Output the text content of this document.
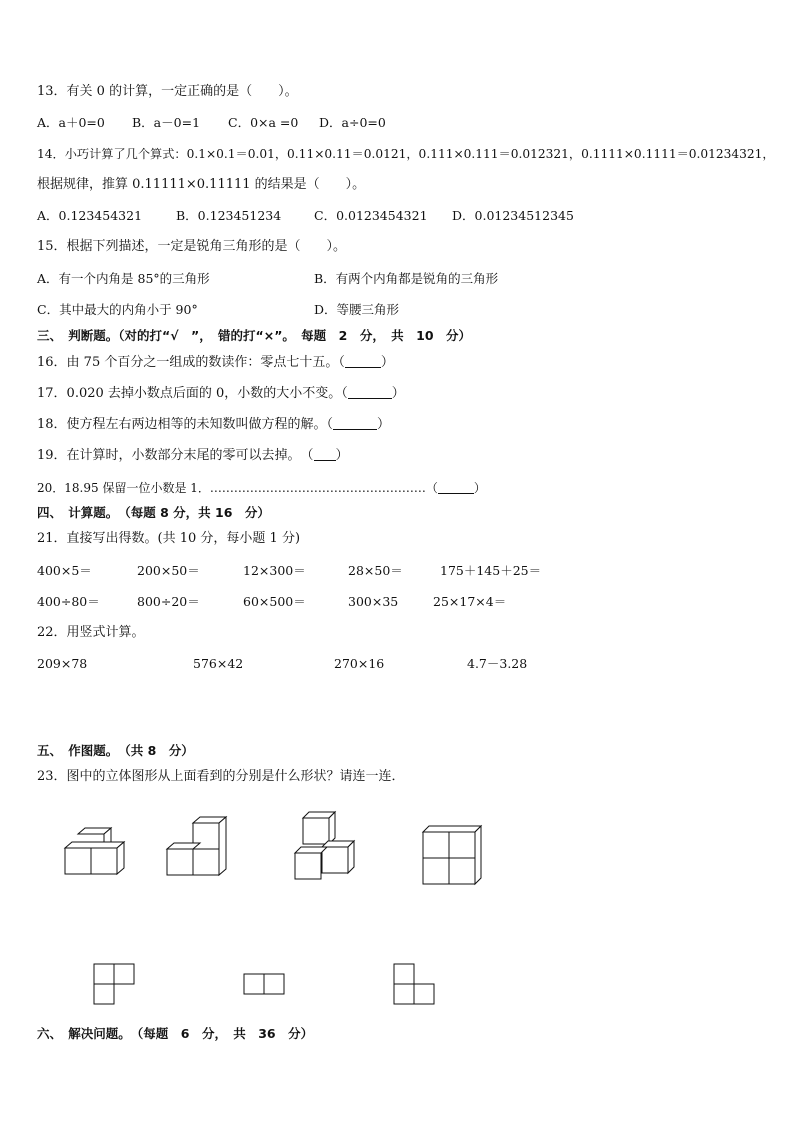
13．有关 0 的计算，一定正确的是（　　）。
A．a＋0=0 B．a－0=1 C．0×a =0 D．a÷0=0
14．小巧计算了几个算式：0.1×0.1＝0.01，0.11×0.11＝0.0121，0.111×0.111＝0.012321，0.1111×0.1111＝0.01234321，
根据规律，推算 0.11111×0.11111 的结果是（　　）。
A．0.123454321	B．0.123451234	C．0.0123454321 D．0.01234512345
15．根据下列描述，一定是锐角三角形的是（　　）。
A．有一个内角是 85°的三角形	B．有两个内角都是锐角的三角形
C．其中最大的内角小于 90°	D．等腰三角形
三、　判断题。（对的打“√　”，　错的打“×”。　每题　2　分，　共　10　分）
16．由 75 个百分之一组成的数读作：零点七十五。（	）
17．0.020 去掉小数点后面的 0，小数的大小不变。（	）
18．使方程左右两边相等的未知数叫做方程的解。（	）
19．在计算时，小数部分末尾的零可以去掉。　（ ）
20．18.95 保留一位小数是 1．………………………………………………（	）
四、　计算题。　（每题 8 分，共 16　分）
21．直接写出得数。(共 10 分，每小题 1 分)
400×5＝	200×50＝	12×300＝	28×50＝	175＋145＋25＝
400÷80＝	800÷20＝	60×500＝	300×35	25×17×4＝
22．用竖式计算。
209×78	576×42	270×16	4.7－3.28
五、　作图题。　（共 8　分）
23．图中的立体图形从上面看到的分别是什么形状？请连一连．
六、　解决问题。　（每题　6　分，　共　36　分）
